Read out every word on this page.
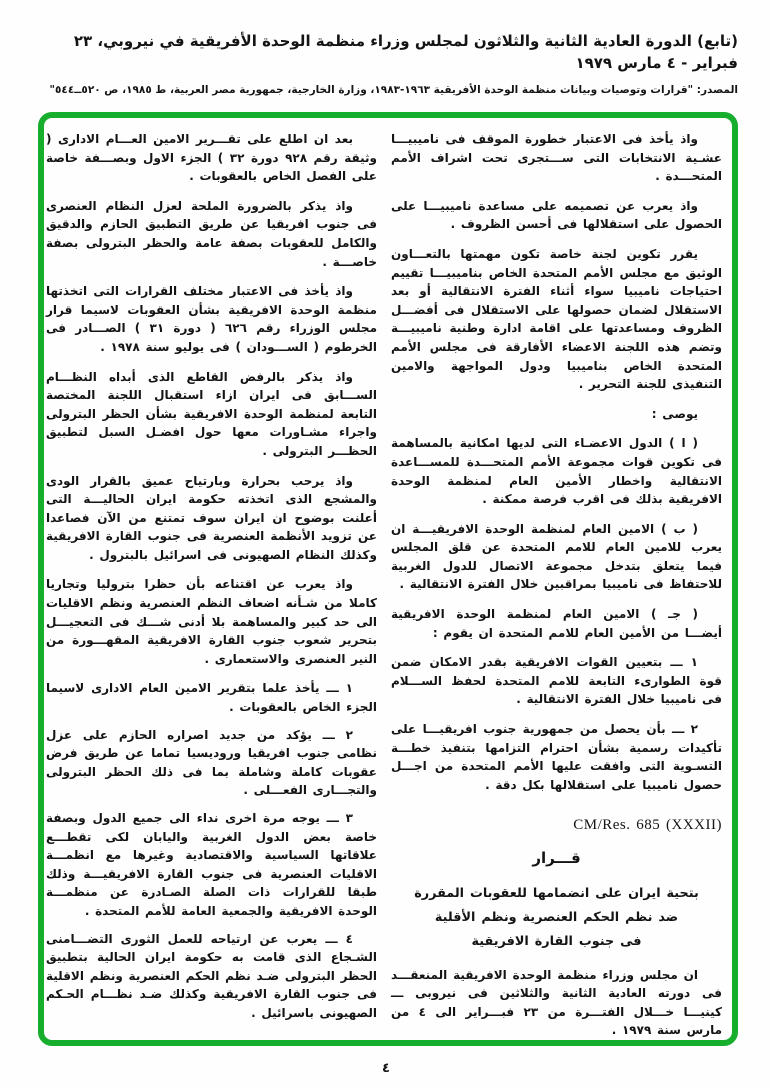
(تابع) الدورة العادية الثانية والثلاثون لمجلس وزراء منظمة الوحدة الأفريقية في نيروبي، ٢٣ فبراير - ٤ مارس ١٩٧٩
المصدر: "قرارات وتوصيات وبيانات منظمة الوحدة الأفريقية ١٩٦٣-١٩٨٣، وزارة الخارجية، جمهورية مصر العربية، ط ١٩٨٥، ص ٥٢٠ــ٥٤٤"

واذ يأخذ فى الاعتبار خطورة الموقف فى ناميبيـــا عشـية الانتخابات التى ســـتجرى تحت اشراف الأمم المتحـــدة .

واذ يعرب عن تصميمه على مساعدة ناميبيـــا على الحصول على استقلالها فى أحسن الظروف .

يقرر تكوين لجنة خاصة تكون مهمتها بالتعـــاون الوثيق مع مجلس الأمم المتحدة الخاص بناميبيـــا تقييم احتياجات ناميبيا سواء أثناء الفترة الانتقالية أو بعد الاستقلال لضمان حصولها على الاستقلال فى أفضـــل الظروف ومساعدتها على اقامة ادارة وطنية ناميبيـــة وتضم هذه اللجنة الاعضاء الأفارقة فى مجلس الأمم المتحدة الخاص بناميبيا ودول المواجهة والامين التنفيذى للجنة التحرير .

يوصى :

( ا ) الدول الاعضـاء التى لديها امكانية بالمساهمة فى تكوين قوات مجموعة الأمم المتحـــدة للمســـاعدة الانتقالية واخطار الأمين العام لمنظمة الوحدة الافريقية بذلك فى اقرب فرصة ممكنة .

( ب ) الامين العام لمنظمة الوحدة الافريقيـــة ان يعرب للامين العام للامم المتحدة عن قلق المجلس فيما يتعلق بتدخل مجموعة الاتصال للدول الغربية للاحتفاظ فى ناميبيا بمراقبين خلال الفترة الانتقالية .

( جـ ) الامين العام لمنظمة الوحدة الافريقية أيضـــا من الأمين العام للامم المتحدة ان يقوم :

١ ـــ بتعيين القوات الافريقية بقدر الامكان ضمن قوة الطوارىء التابعة للامم المتحدة لحفظ الســـلام فى ناميبيا خلال الفترة الانتقالية .

٢ ـــ بأن يحصل من جمهورية جنوب افريقيـــا على تأكيدات رسمية بشأن احترام التزامها بتنفيذ خطـــة التسـوية التى وافقت عليها الأمم المتحدة من اجـــل حصول ناميبيا على استقلالها بكل دقة .

CM/Res. 685 (XXXII)

قـــرار

بتحية ايران على انضمامها للعقوبات المقررة

ضد نظم الحكم العنصرية ونظم الأقلية

فى جنوب القارة الافريقية

ان مجلس وزراء منظمة الوحدة الافريقية المنعقـــد فى دورته العادية الثانية والثلاثين فى نيروبى ـــ كينيـــا خـــلال الفتـــرة من ٢٣ فبـــراير الى ٤ من مارس سنة ١٩٧٩ .

بعد ان اطلع على تقـــرير الامين العـــام الادارى ( وثيقة رقم ٩٢٨ دورة ٣٢ ) الجزء الاول وبصـــفة خاصة على الفصل الخاص بالعقوبات .

واذ يذكر بالضرورة الملحة لعزل النظام العنصرى فى جنوب افريقيا عن طريق التطبيق الحازم والدقيق والكامل للعقوبات بصفة عامة والحظر البترولى بصفة خاصـــة .

واذ يأخذ فى الاعتبار مختلف القرارات التى اتخذتها منظمة الوحدة الافريقية بشأن العقوبات لاسيما قرار مجلس الوزراء رقم ٦٢٦ ( دورة ٣١ ) الصـــادر فى الخرطوم ( الســـودان ) فى يوليو سنة ١٩٧٨ .

واذ يذكر بالرفض القاطع الذى أبداه النظـــام الســـابق فى ايران ازاء استقبال اللجنة المختصة التابعة لمنظمة الوحدة الافريقية بشأن الحظر البترولى واجراء مشـاورات معها حول افضـل السبل لتطبيق الحظـــر البترولى .

واذ يرحب بحرارة وبارتياح عميق بالقرار الودى والمشجع الذى اتخذته حكومة ايران الحاليـــة التى أعلنت بوضوح ان ايران سوف تمتنع من الآن فصاعدا عن تزويد الأنظمة العنصرية فى جنوب القارة الافريقية وكذلك النظام الصهيونى فى اسرائيل بالبترول .

واذ يعرب عن اقتناعه بأن حظرا بتروليا وتجاريا كاملا من شـأنه اضعاف النظم العنصرية ونظم الاقليات الى حد كبير والمساهمة بلا أدنى شـــك فى التعجيـــل بتحرير شعوب جنوب القارة الافريقية المقهـــورة من النير العنصرى والاستعمارى .

١ ـــ يأخذ علما بتقرير الامين العام الادارى لاسيما الجزء الخاص بالعقوبات .

٢ ـــ يؤكد من جديد اصراره الحازم على عزل نظامى جنوب افريقيا وروديسيا تماما عن طريق فرض عقوبات كاملة وشاملة بما فى ذلك الحظر البترولى والتجـــارى الفعـــلى .

٣ ـــ يوجه مرة اخرى نداء الى جميع الدول وبصفة خاصة بعض الدول الغربية واليابان لكى تقطـــع علاقاتها السياسية والاقتصادية وغيرها مع انظمـــة الاقليات العنصرية فى جنوب القارة الافريقيـــة وذلك طبقا للقرارات ذات الصلة الصـادرة عن منظمـــة الوحدة الافريقية والجمعية العامة للأمم المتحدة .

٤ ـــ يعرب عن ارتياحه للعمل الثورى التضـــامنى الشـجاع الذى قامت به حكومة ايران الحالية بتطبيق الحظر البترولى ضـد نظم الحكم العنصرية ونظم الاقلية فى جنوب القارة الافريقية وكذلك ضـد نظـــام الحـكم الصهيونى باسرائيل .

٤
